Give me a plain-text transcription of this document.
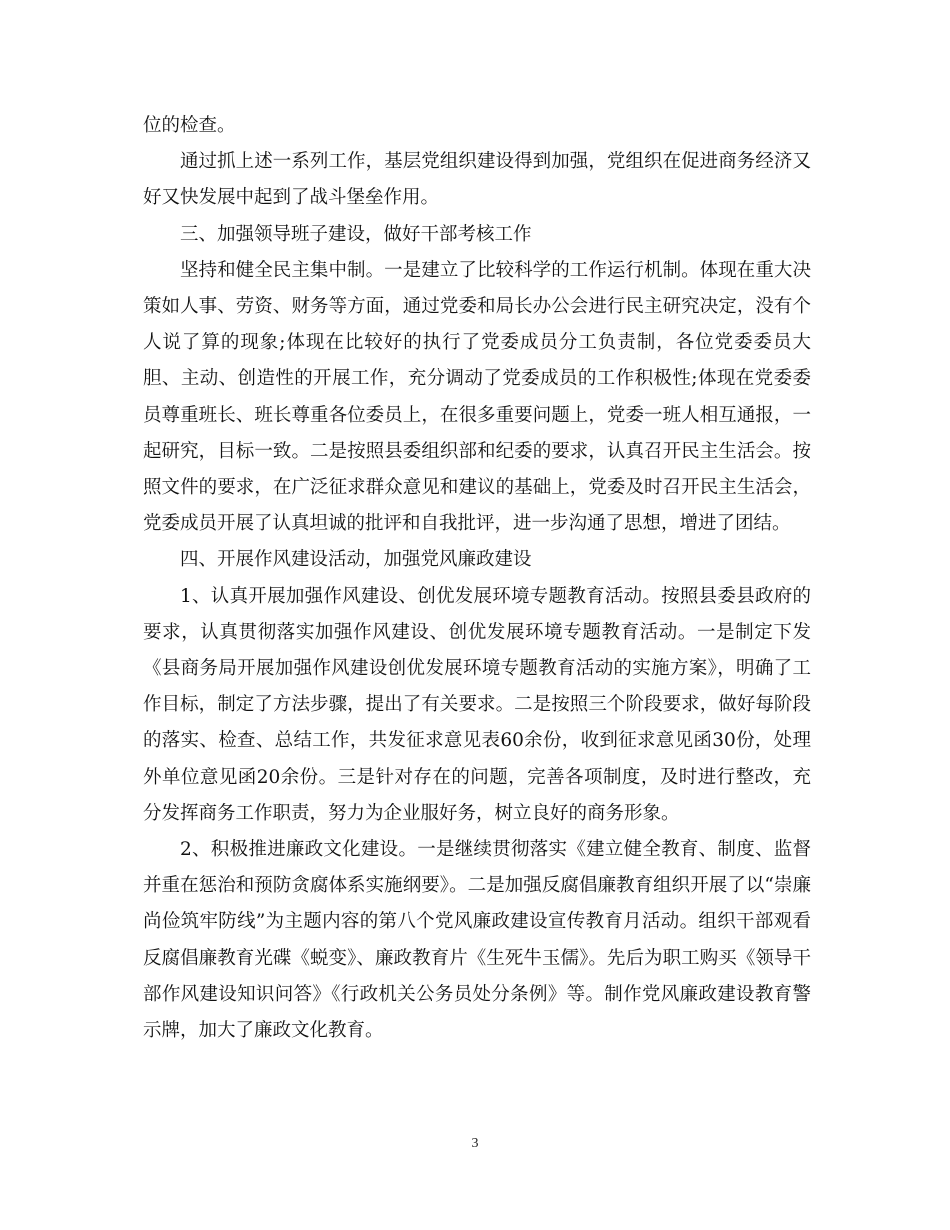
位的检查。

通过抓上述一系列工作，基层党组织建设得到加强，党组织在促进商务经济又好又快发展中起到了战斗堡垒作用。

三、加强领导班子建设，做好干部考核工作

坚持和健全民主集中制。一是建立了比较科学的工作运行机制。体现在重大决策如人事、劳资、财务等方面，通过党委和局长办公会进行民主研究决定，没有个人说了算的现象;体现在比较好的执行了党委成员分工负责制，各位党委委员大胆、主动、创造性的开展工作，充分调动了党委成员的工作积极性;体现在党委委员尊重班长、班长尊重各位委员上，在很多重要问题上，党委一班人相互通报，一起研究，目标一致。二是按照县委组织部和纪委的要求，认真召开民主生活会。按照文件的要求，在广泛征求群众意见和建议的基础上，党委及时召开民主生活会，党委成员开展了认真坦诚的批评和自我批评，进一步沟通了思想，增进了团结。

四、开展作风建设活动，加强党风廉政建设

1、认真开展加强作风建设、创优发展环境专题教育活动。按照县委县政府的要求，认真贯彻落实加强作风建设、创优发展环境专题教育活动。一是制定下发《县商务局开展加强作风建设创优发展环境专题教育活动的实施方案》，明确了工作目标，制定了方法步骤，提出了有关要求。二是按照三个阶段要求，做好每阶段的落实、检查、总结工作，共发征求意见表60余份，收到征求意见函30份，处理外单位意见函20余份。三是针对存在的问题，完善各项制度，及时进行整改，充分发挥商务工作职责，努力为企业服好务，树立良好的商务形象。

2、积极推进廉政文化建设。一是继续贯彻落实《建立健全教育、制度、监督并重在惩治和预防贪腐体系实施纲要》。二是加强反腐倡廉教育组织开展了以“崇廉尚俭筑牢防线”为主题内容的第八个党风廉政建设宣传教育月活动。组织干部观看反腐倡廉教育光碟《蜕变》、廉政教育片《生死牛玉儒》。先后为职工购买《领导干部作风建设知识问答》《行政机关公务员处分条例》等。制作党风廉政建设教育警示牌，加大了廉政文化教育。

3
